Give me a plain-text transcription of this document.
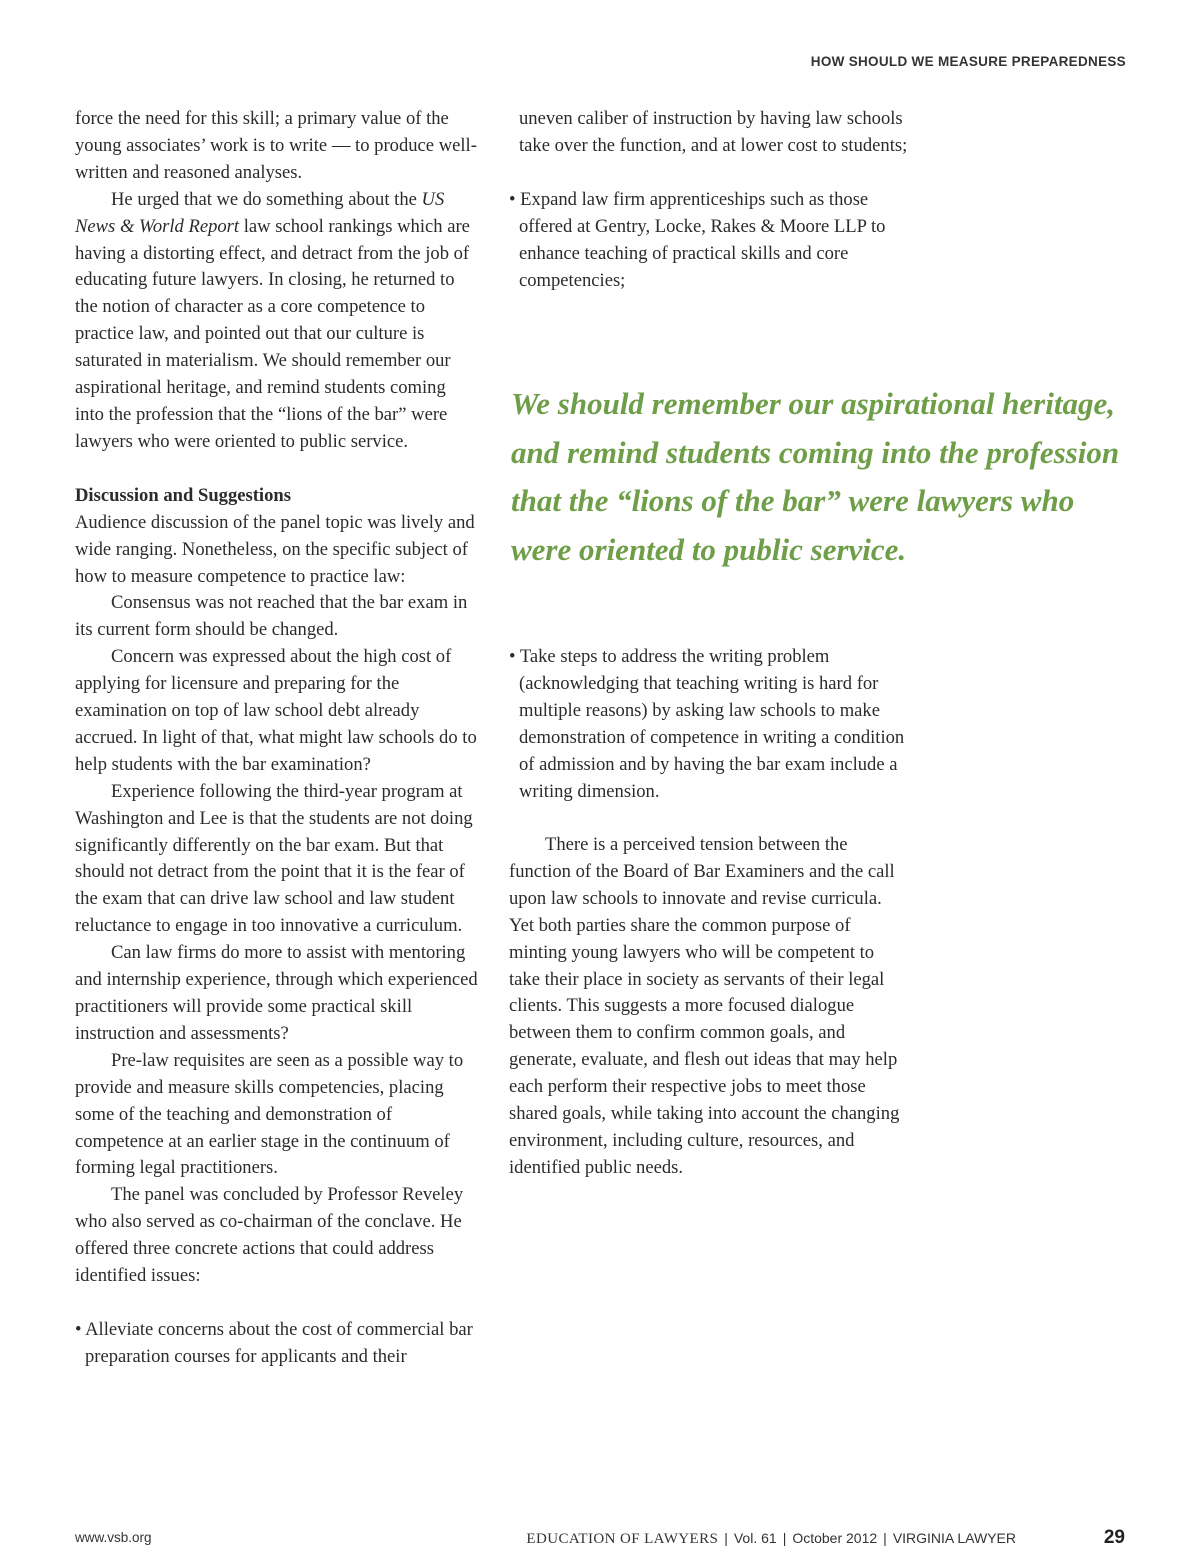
HOW SHOULD WE MEASURE PREPAREDNESS

force the need for this skill; a primary value of the young associates’ work is to write — to produce well-written and reasoned analyses.

He urged that we do something about the US News & World Report law school rankings which are having a distorting effect, and detract from the job of educating future lawyers. In closing, he returned to the notion of character as a core competence to practice law, and pointed out that our culture is saturated in materialism. We should remember our aspirational heritage, and remind students coming into the profession that the “lions of the bar” were lawyers who were oriented to public service.

Discussion and Suggestions

Audience discussion of the panel topic was lively and wide ranging. Nonetheless, on the specific subject of how to measure competence to practice law:

Consensus was not reached that the bar exam in its current form should be changed.

Concern was expressed about the high cost of applying for licensure and preparing for the examination on top of law school debt already accrued. In light of that, what might law schools do to help students with the bar examination?

Experience following the third-year program at Washington and Lee is that the students are not doing significantly differently on the bar exam. But that should not detract from the point that it is the fear of the exam that can drive law school and law student reluctance to engage in too innovative a curriculum.

Can law firms do more to assist with mentoring and internship experience, through which experienced practitioners will provide some practical skill instruction and assessments?

Pre-law requisites are seen as a possible way to provide and measure skills competencies, placing some of the teaching and demonstration of competence at an earlier stage in the continuum of forming legal practitioners.

The panel was concluded by Professor Reveley who also served as co-chairman of the conclave. He offered three concrete actions that could address identified issues:

• Alleviate concerns about the cost of commercial bar preparation courses for applicants and their

uneven caliber of instruction by having law schools take over the function, and at lower cost to students;

• Expand law firm apprenticeships such as those offered at Gentry, Locke, Rakes & Moore LLP to enhance teaching of practical skills and core competencies;

We should remember our aspirational heritage, and remind students coming into the profession that the “lions of the bar” were lawyers who were oriented to public service.

• Take steps to address the writing problem (acknowledging that teaching writing is hard for multiple reasons) by asking law schools to make demonstration of competence in writing a condition of admission and by having the bar exam include a writing dimension.

There is a perceived tension between the function of the Board of Bar Examiners and the call upon law schools to innovate and revise curricula. Yet both parties share the common purpose of minting young lawyers who will be competent to take their place in society as servants of their legal clients. This suggests a more focused dialogue between them to confirm common goals, and generate, evaluate, and flesh out ideas that may help each perform their respective jobs to meet those shared goals, while taking into account the changing environment, including culture, resources, and identified public needs.

www.vsb.org	EDUCATION OF LAWYERS | Vol. 61 | October 2012 | VIRGINIA LAWYER	29
